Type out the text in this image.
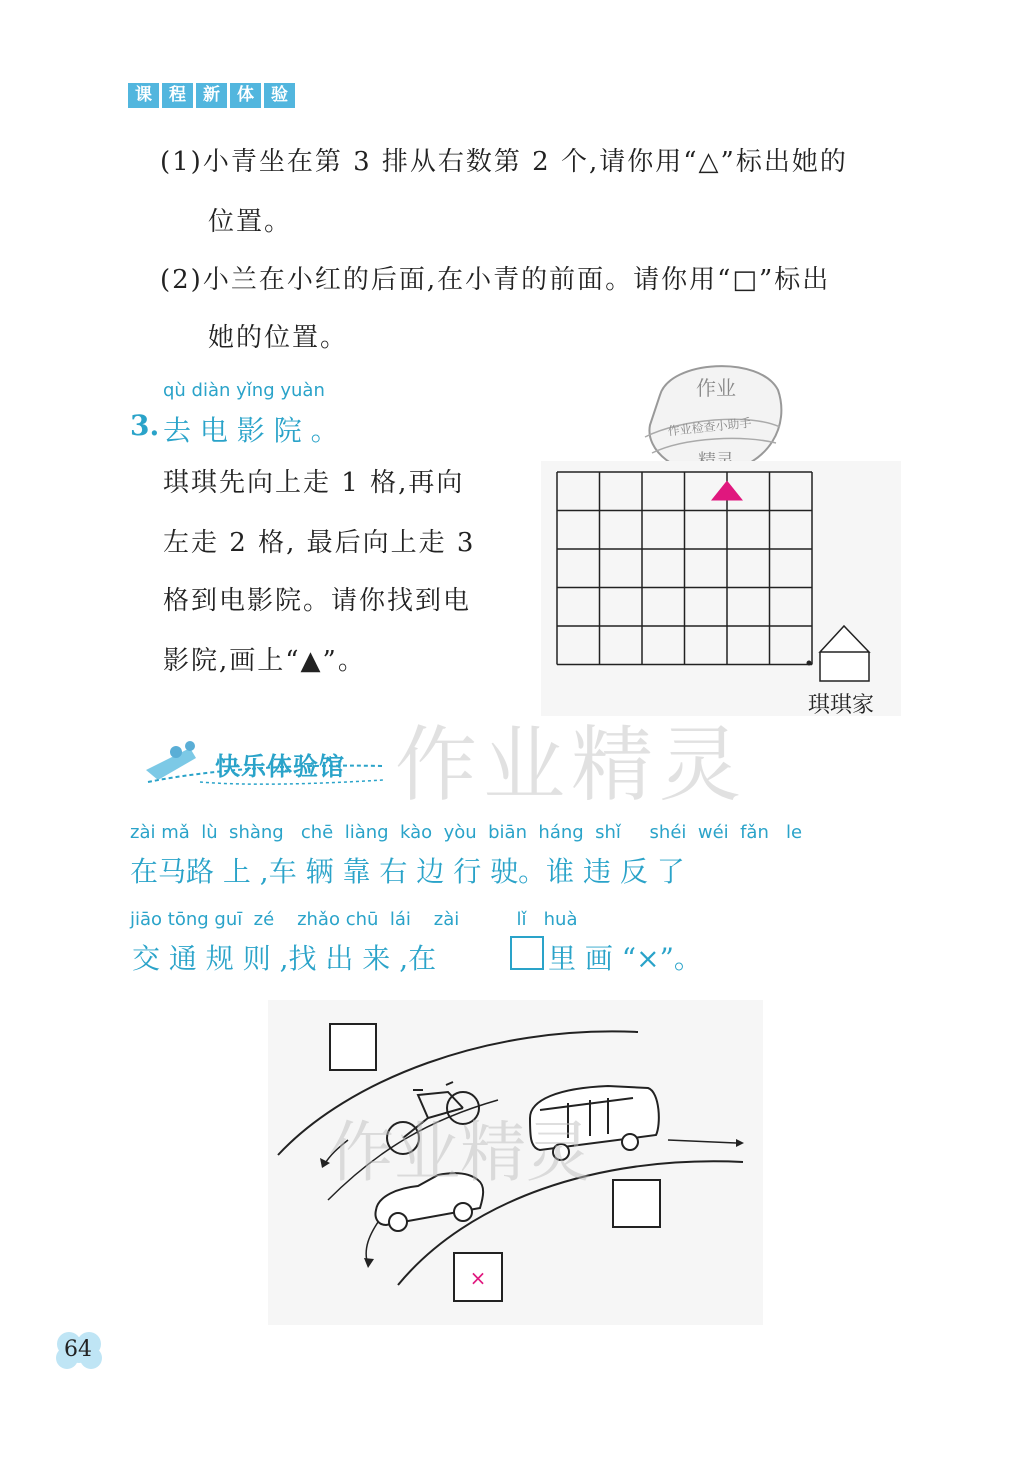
课	程	新	体	验
(1)小青坐在第 3 排从右数第 2 个,请你用“△”标出她的
位置。
(2)小兰在小红的后面,在小青的前面。请你用“□”标出
她的位置。
qù diàn yǐng yuàn
3. 去 电 影 院 。
琪琪先向上走 1 格,再向
左走 2 格, 最后向上走 3
格到电影院。请你找到电
影院,画上“▲”。
作业
作业检查小助手
琪琪家
作业精灵
快乐体验馆
zài mǎ  lù  shàng   chē  liàng  kào  yòu  biān  háng  shǐ     shéi  wéi  fǎn   le
在马路 上 ,车 辆 靠 右 边 行 驶。谁 违 反 了
jiāo tōng guī  zé    zhǎo chū  lái    zài          lǐ   huà
交 通 规 则 ,找 出 来 ,在	里 画 “×”。
×
作业精灵
64
